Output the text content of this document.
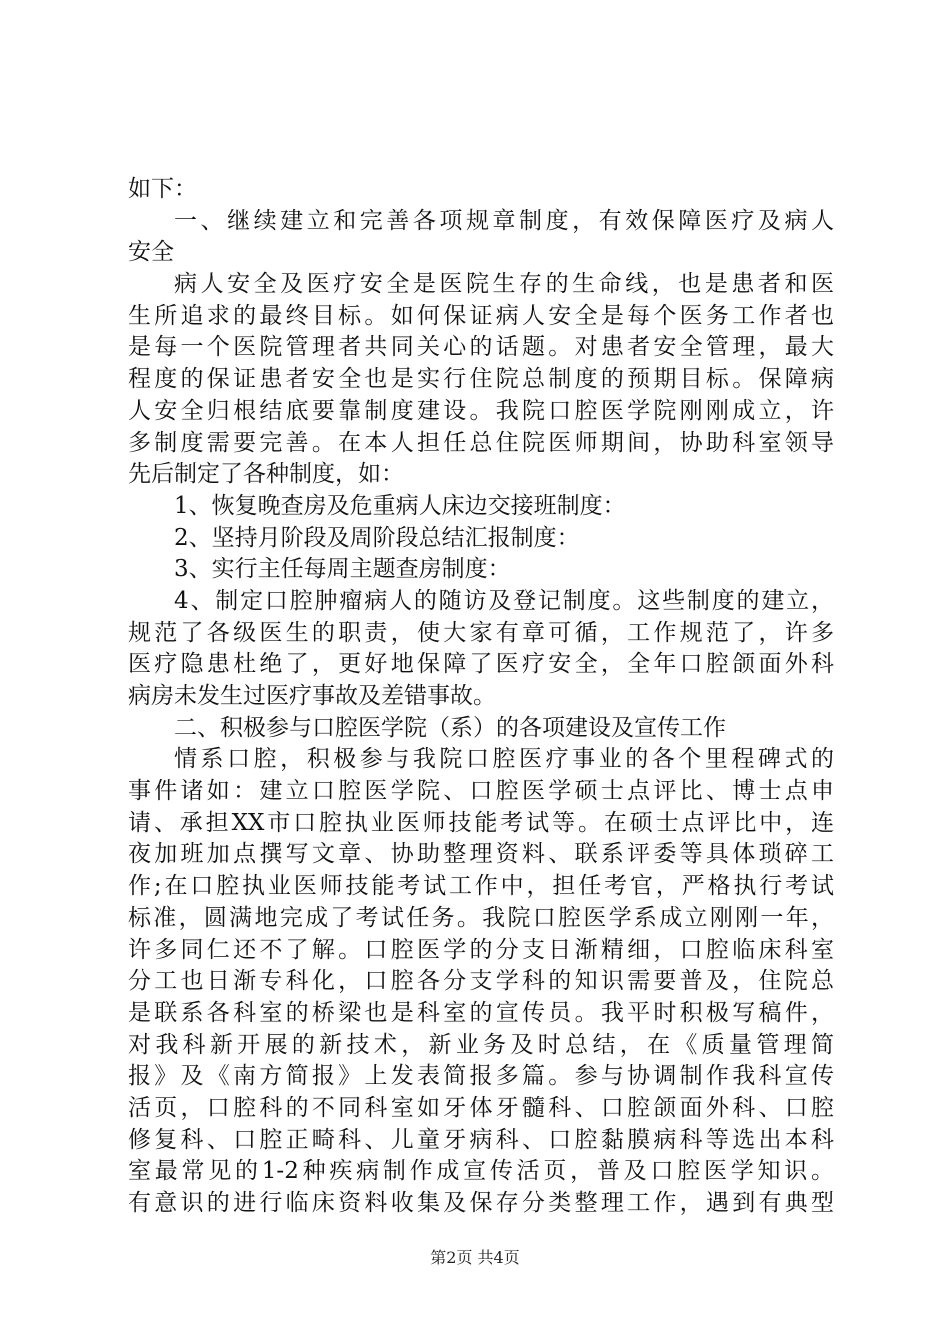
如下：
一、继续建立和完善各项规章制度，有效保障医疗及病人
安全
病人安全及医疗安全是医院生存的生命线，也是患者和医
生所追求的最终目标。如何保证病人安全是每个医务工作者也
是每一个医院管理者共同关心的话题。对患者安全管理，最大
程度的保证患者安全也是实行住院总制度的预期目标。保障病
人安全归根结底要靠制度建设。我院口腔医学院刚刚成立，许
多制度需要完善。在本人担任总住院医师期间，协助科室领导
先后制定了各种制度，如：
1、恢复晚查房及危重病人床边交接班制度：
2、坚持月阶段及周阶段总结汇报制度：
3、实行主任每周主题查房制度：
4、制定口腔肿瘤病人的随访及登记制度。这些制度的建立，
规范了各级医生的职责，使大家有章可循，工作规范了，许多
医疗隐患杜绝了，更好地保障了医疗安全，全年口腔颌面外科
病房未发生过医疗事故及差错事故。
二、积极参与口腔医学院（系）的各项建设及宣传工作
情系口腔，积极参与我院口腔医疗事业的各个里程碑式的
事件诸如：建立口腔医学院、口腔医学硕士点评比、博士点申
请、承担XX市口腔执业医师技能考试等。在硕士点评比中，连
夜加班加点撰写文章、协助整理资料、联系评委等具体琐碎工
作;在口腔执业医师技能考试工作中，担任考官，严格执行考试
标准，圆满地完成了考试任务。我院口腔医学系成立刚刚一年，
许多同仁还不了解。口腔医学的分支日渐精细，口腔临床科室
分工也日渐专科化，口腔各分支学科的知识需要普及，住院总
是联系各科室的桥梁也是科室的宣传员。我平时积极写稿件，
对我科新开展的新技术，新业务及时总结，在《质量管理简
报》及《南方简报》上发表简报多篇。参与协调制作我科宣传
活页，口腔科的不同科室如牙体牙髓科、口腔颌面外科、口腔
修复科、口腔正畸科、儿童牙病科、口腔黏膜病科等选出本科
室最常见的1-2种疾病制作成宣传活页，普及口腔医学知识。
有意识的进行临床资料收集及保存分类整理工作，遇到有典型
第2页 共4页
